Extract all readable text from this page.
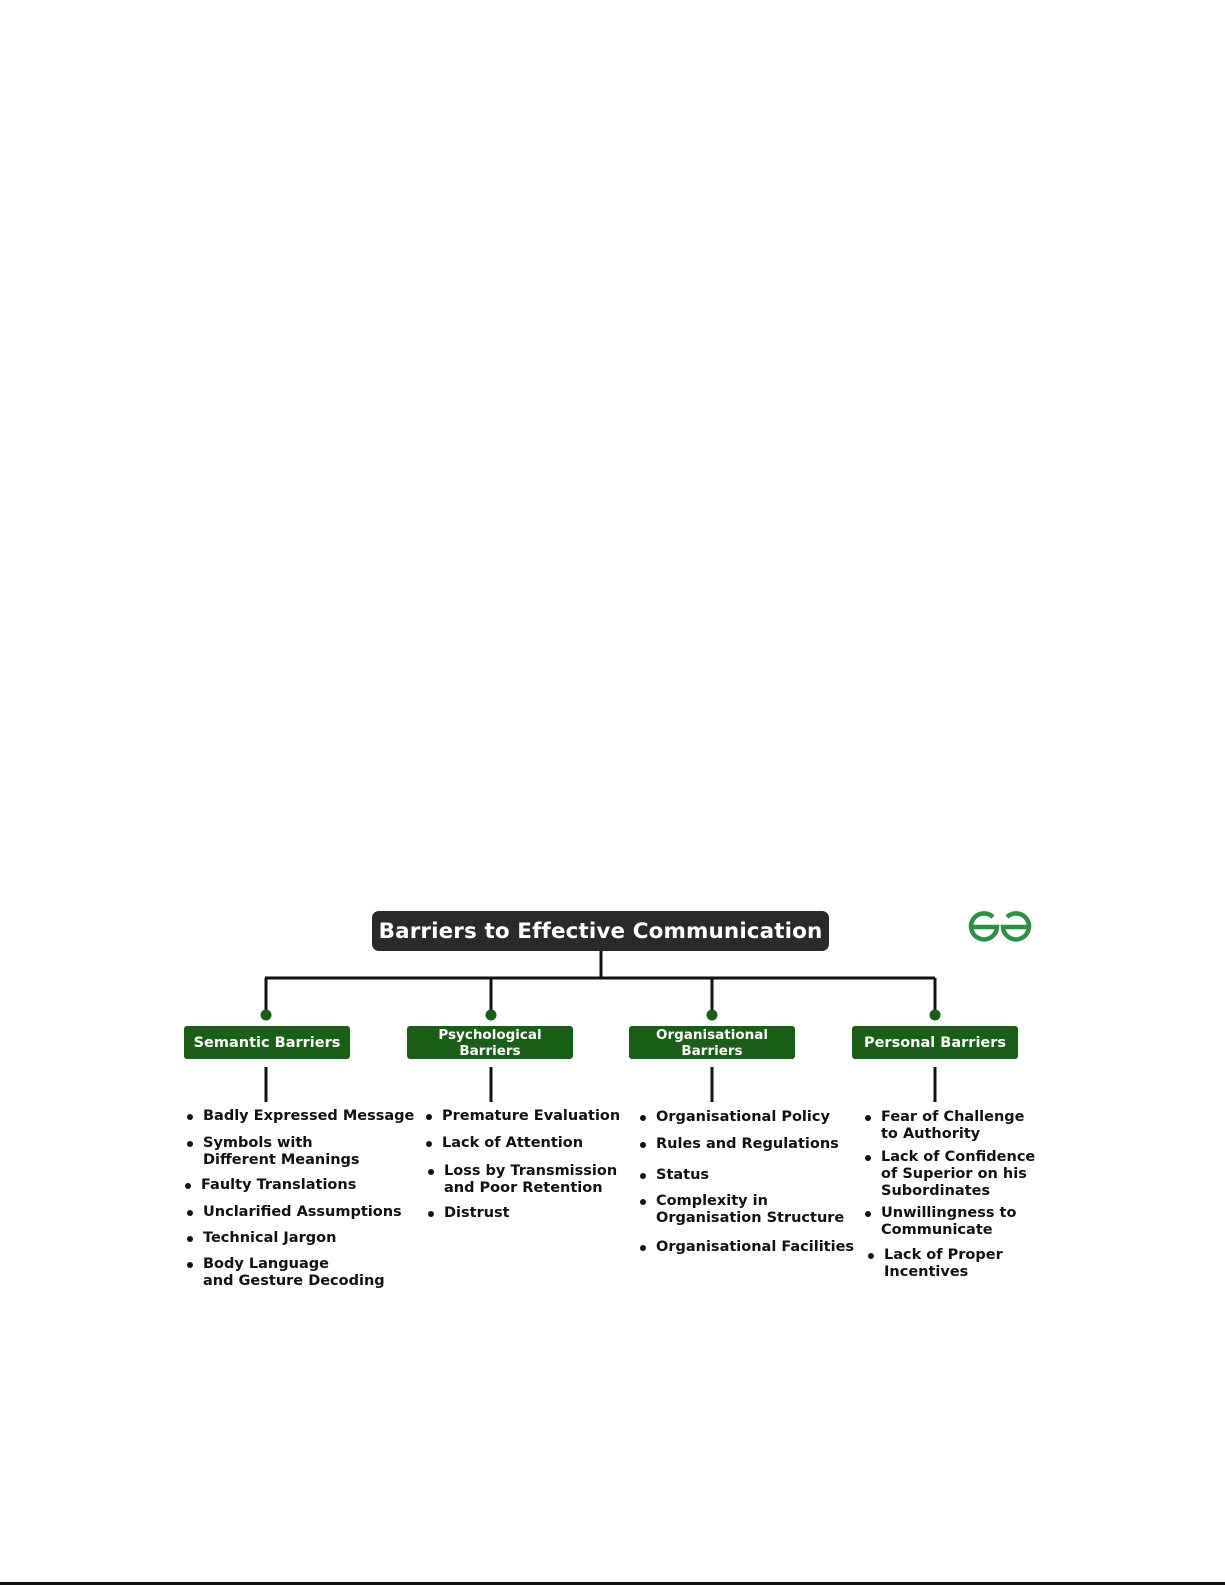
Barriers to Effective Communication
Semantic Barriers	Psychological
Barriers
Organisational
Barriers	Personal Barriers
Badly Expressed Message
Symbols with
Different Meanings
Faulty Translations
Unclarified Assumptions
Technical Jargon
Body Language
and Gesture Decoding
Premature Evaluation
Lack of Attention
Loss by Transmission
and Poor Retention
Distrust
Organisational Policy
Rules and Regulations
Status
Complexity in
Organisation Structure
Organisational Facilities
Fear of Challenge
to Authority
Lack of Confidence
of Superior on his
Subordinates
Unwillingness to
Communicate
Lack of Proper
Incentives
